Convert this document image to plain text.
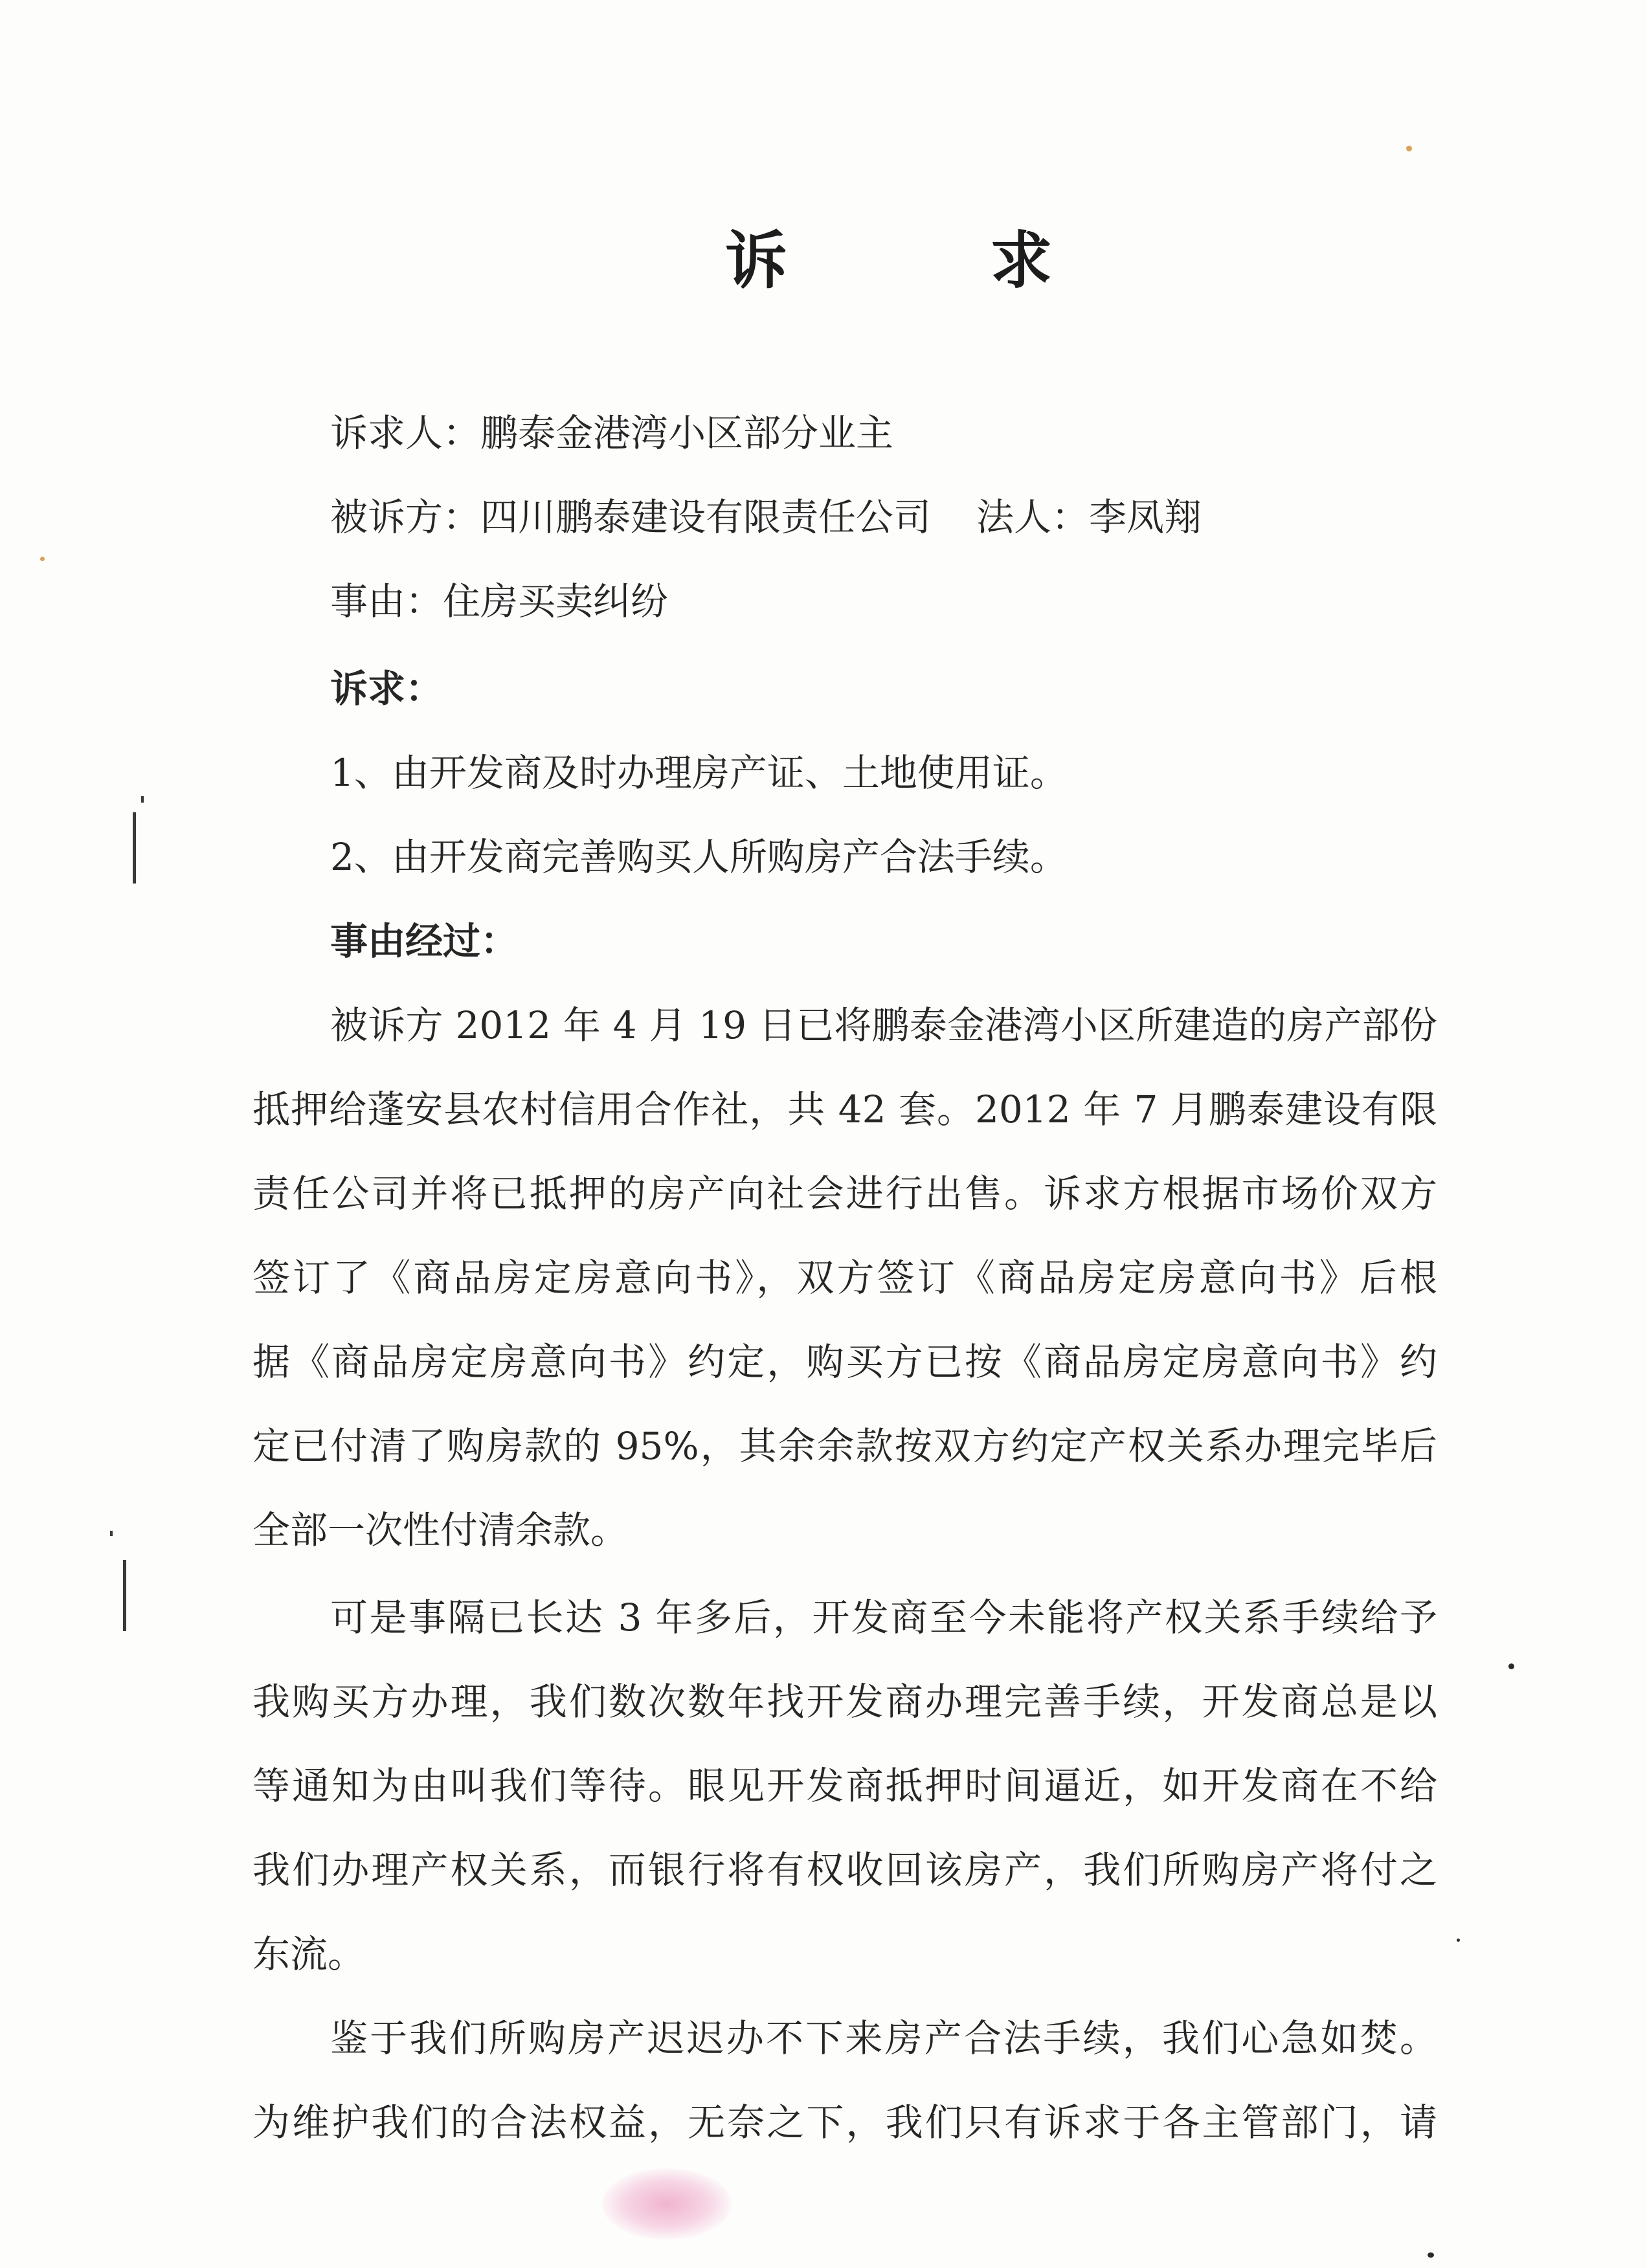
诉 求
诉求人：鹏泰金港湾小区部分业主
被诉方：四川鹏泰建设有限责任公司 法人：李凤翔
事由：住房买卖纠纷
诉求：
1、由开发商及时办理房产证、土地使用证。
2、由开发商完善购买人所购房产合法手续。
事由经过：
被诉方 2012 年 4 月 19 日已将鹏泰金港湾小区所建造的房产部份
抵押给蓬安县农村信用合作社，共 42 套。2012 年 7 月鹏泰建设有限
责任公司并将已抵押的房产向社会进行出售。诉求方根据市场价双方
签订了《商品房定房意向书》，双方签订《商品房定房意向书》后根
据《商品房定房意向书》约定，购买方已按《商品房定房意向书》约
定已付清了购房款的 95%，其余余款按双方约定产权关系办理完毕后
全部一次性付清余款。
可是事隔已长达 3 年多后，开发商至今未能将产权关系手续给予
我购买方办理，我们数次数年找开发商办理完善手续，开发商总是以
等通知为由叫我们等待。眼见开发商抵押时间逼近，如开发商在不给
我们办理产权关系，而银行将有权收回该房产，我们所购房产将付之
东流。
鉴于我们所购房产迟迟办不下来房产合法手续，我们心急如焚。
为维护我们的合法权益，无奈之下，我们只有诉求于各主管部门，请
